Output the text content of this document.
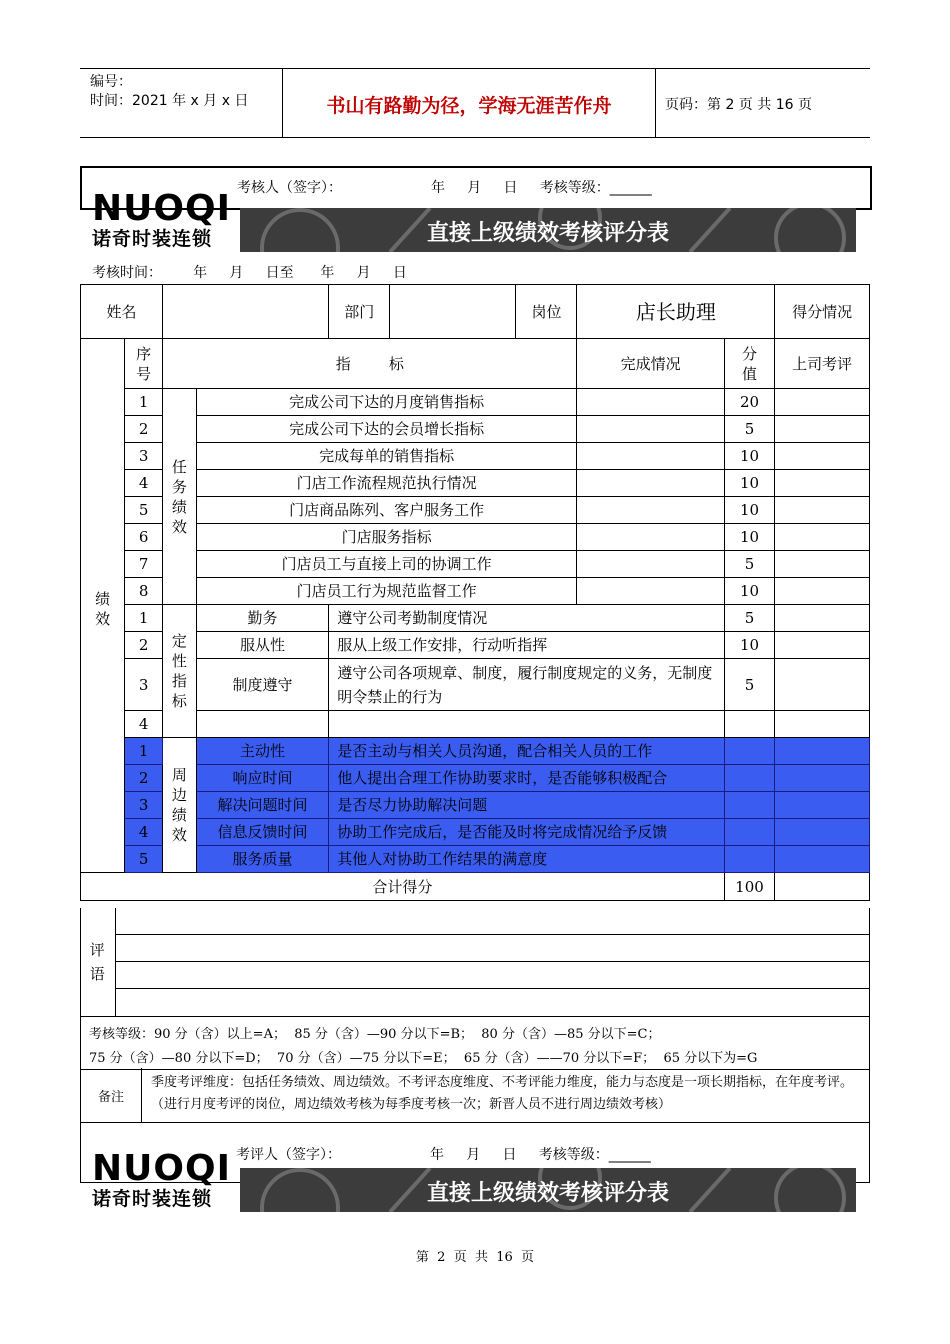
编号：
时间：2021 年 x 月 x 日	书山有路勤为径，学海无涯苦作舟	页码：第 2 页 共 16 页
考核人（签字）：                    年     月     日     考核等级：______
NUOQI
诺奇时装连锁	直接上级绩效考核评分表
考核时间：       年     月     日至      年     月     日
姓名				部门		岗位	店长助理		得分情况
绩效	序号	指        标					完成情况	分值	上司考评
	1	任务绩效	完成公司下达的月度销售指标					20	
	2		完成公司下达的会员增长指标					5	
	3		完成每单的销售指标					10	
	4		门店工作流程规范执行情况					10	
	5		门店商品陈列、客户服务工作					10	
	6		门店服务指标					10	
	7		门店员工与直接上司的协调工作					5	
	8		门店员工行为规范监督工作					10	
	1	定性指标	勤务	遵守公司考勤制度情况				5	
	2		服从性	服从上级工作安排，行动听指挥				10	
	3		制度遵守	遵守公司各项规章、制度，履行制度规定的义务，无制度明令禁止的行为				5	
	4								
	1	周边绩效	主动性	是否主动与相关人员沟通，配合相关人员的工作					
	2		响应时间	他人提出合理工作协助要求时，是否能够积极配合					
	3		解决问题时间	是否尽力协助解决问题					
	4		信息反馈时间	协助工作完成后，是否能及时将完成情况给予反馈					
	5		服务质量	其他人对协助工作结果的满意度					
合计得分								100	
评语
考核等级：90 分（含）以上=A；  85 分（含）—90 分以下=B；  80 分（含）—85 分以下=C；
75 分（含）—80 分以下=D；  70 分（含）—75 分以下=E；  65 分（含）——70 分以下=F；  65 分以下为=G
备注
季度考评维度：包括任务绩效、周边绩效。不考评态度维度、不考评能力维度，能力与态度是一项长期指标，在年度考评。（进行月度考评的岗位，周边绩效考核为每季度考核一次；新晋人员不进行周边绩效考核）
考评人（签字）：                    年     月     日     考核等级：______
NUOQI
诺奇时装连锁	直接上级绩效考核评分表
第  2  页  共  16  页
